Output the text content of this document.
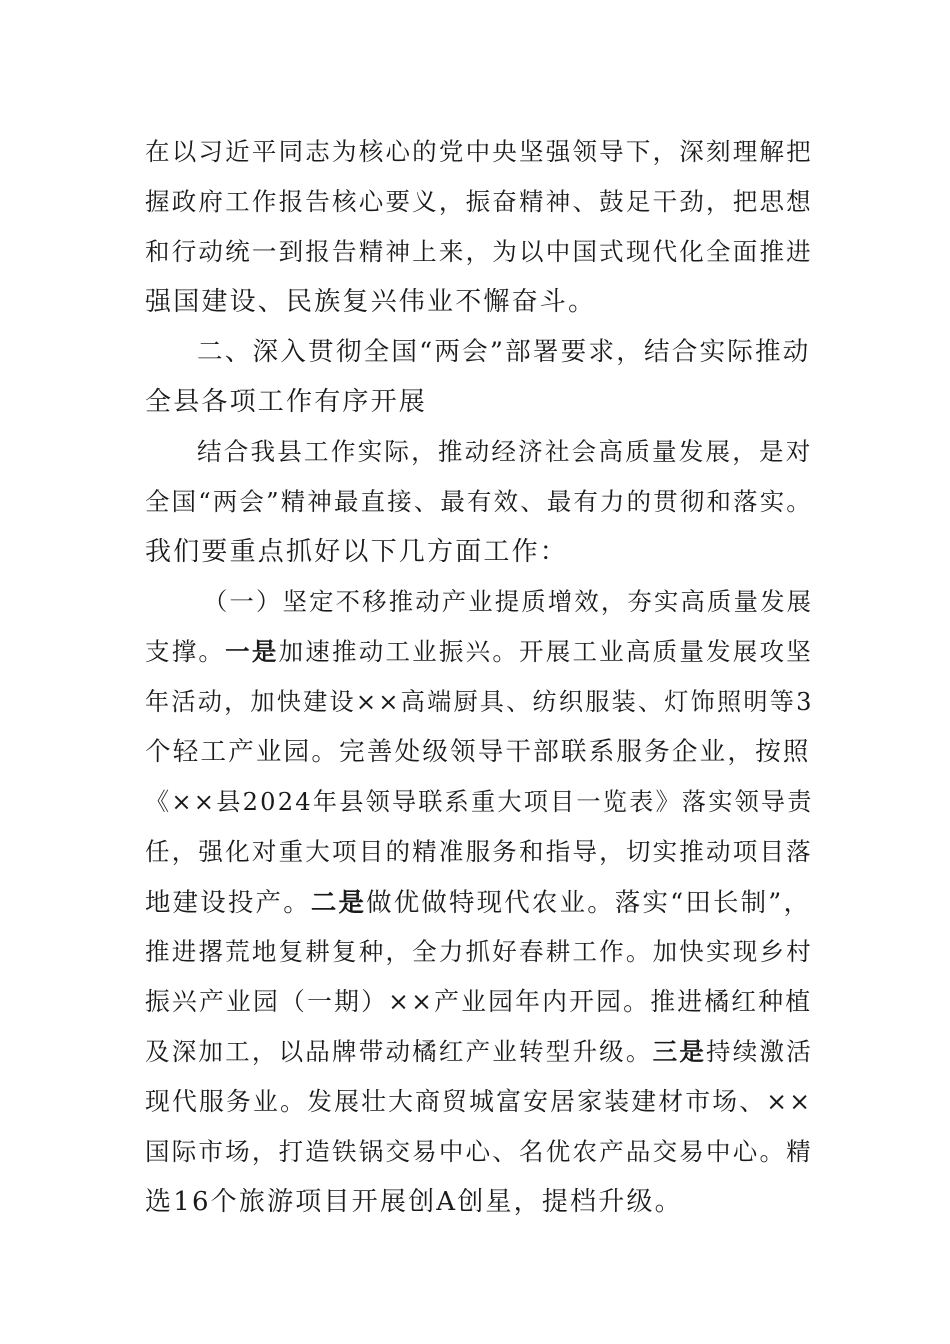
在以习近平同志为核心的党中央坚强领导下，深刻理解把
握政府工作报告核心要义，振奋精神、鼓足干劲，把思想
和行动统一到报告精神上来，为以中国式现代化全面推进
强国建设、民族复兴伟业不懈奋斗。
二、深入贯彻全国“两会”部署要求，结合实际推动
全县各项工作有序开展
结合我县工作实际，推动经济社会高质量发展，是对
全国“两会”精神最直接、最有效、最有力的贯彻和落实。
我们要重点抓好以下几方面工作：
（一）坚定不移推动产业提质增效，夯实高质量发展
支撑。一是加速推动工业振兴。开展工业高质量发展攻坚
年活动，加快建设××高端厨具、纺织服装、灯饰照明等3
个轻工产业园。完善处级领导干部联系服务企业，按照
《××县2024年县领导联系重大项目一览表》落实领导责
任，强化对重大项目的精准服务和指导，切实推动项目落
地建设投产。二是做优做特现代农业。落实“田长制”，
推进撂荒地复耕复种，全力抓好春耕工作。加快实现乡村
振兴产业园（一期）××产业园年内开园。推进橘红种植
及深加工，以品牌带动橘红产业转型升级。三是持续激活
现代服务业。发展壮大商贸城富安居家装建材市场、××
国际市场，打造铁锅交易中心、名优农产品交易中心。精
选16个旅游项目开展创A创星，提档升级。
